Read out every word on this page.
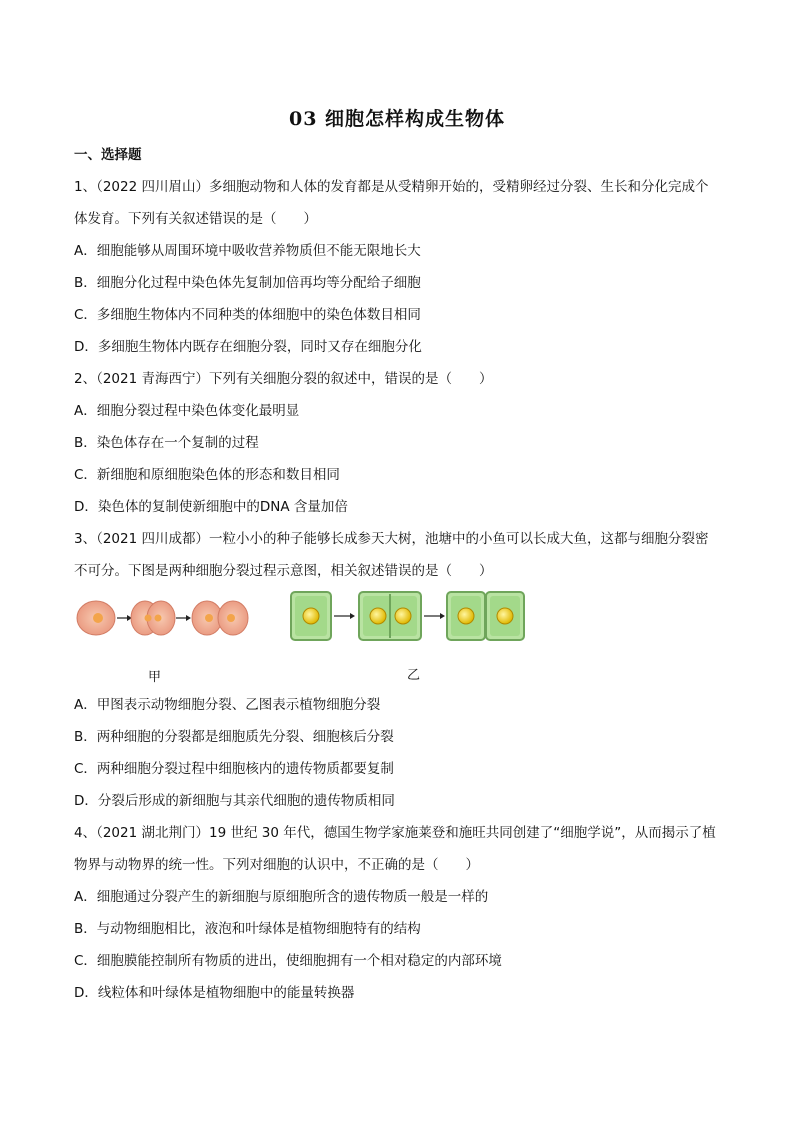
03 细胞怎样构成生物体
一、选择题
1、（2022 四川眉山）多细胞动物和人体的发育都是从受精卵开始的，受精卵经过分裂、生长和分化完成个
体发育。下列有关叙述错误的是（　　）
A．细胞能够从周围环境中吸收营养物质但不能无限地长大
B．细胞分化过程中染色体先复制加倍再均等分配给子细胞
C．多细胞生物体内不同种类的体细胞中的染色体数目相同
D．多细胞生物体内既存在细胞分裂，同时又存在细胞分化
2、（2021 青海西宁）下列有关细胞分裂的叙述中，错误的是（　　）
A．细胞分裂过程中染色体变化最明显
B．染色体存在一个复制的过程
C．新细胞和原细胞染色体的形态和数目相同
D．染色体的复制使新细胞中的DNA 含量加倍
3、（2021 四川成都）一粒小小的种子能够长成参天大树，池塘中的小鱼可以长成大鱼，这都与细胞分裂密
不可分。下图是两种细胞分裂过程示意图，相关叙述错误的是（　　）
甲	乙
A．甲图表示动物细胞分裂、乙图表示植物细胞分裂
B．两种细胞的分裂都是细胞质先分裂、细胞核后分裂
C．两种细胞分裂过程中细胞核内的遗传物质都要复制
D．分裂后形成的新细胞与其亲代细胞的遗传物质相同
4、（2021 湖北荆门）19 世纪 30 年代，德国生物学家施莱登和施旺共同创建了“细胞学说”，从而揭示了植
物界与动物界的统一性。下列对细胞的认识中，不正确的是（　　）
A．细胞通过分裂产生的新细胞与原细胞所含的遗传物质一般是一样的
B．与动物细胞相比，液泡和叶绿体是植物细胞特有的结构
C．细胞膜能控制所有物质的进出，使细胞拥有一个相对稳定的内部环境
D．线粒体和叶绿体是植物细胞中的能量转换器
